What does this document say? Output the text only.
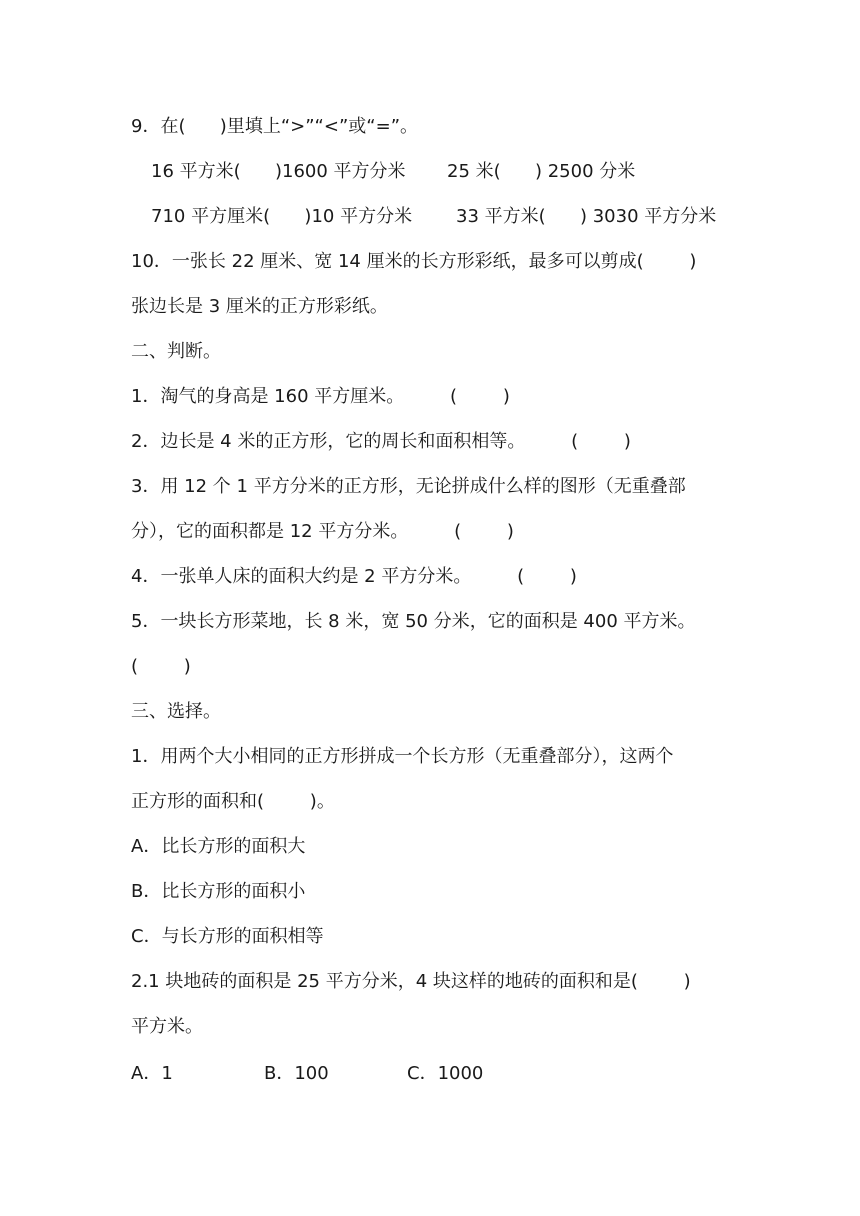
9．在(      )里填上“>”“<”或“=”。
16 平方米(      )1600 平方分米 25 米(      ) 2500 分米
710 平方厘米(      )10 平方分米 33 平方米(      ) 3030 平方分米
10．一张长 22 厘米、宽 14 厘米的长方形彩纸，最多可以剪成(        )
张边长是 3 厘米的正方形彩纸。
二、判断。
1．淘气的身高是 160 平方厘米。        (        )
2．边长是 4 米的正方形，它的周长和面积相等。        (        )
3．用 12 个 1 平方分米的正方形，无论拼成什么样的图形（无重叠部
分），它的面积都是 12 平方分米。        (        )
4．一张单人床的面积大约是 2 平方分米。        (        )
5．一块长方形菜地，长 8 米，宽 50 分米，它的面积是 400 平方米。
(        )
三、选择。
1．用两个大小相同的正方形拼成一个长方形（无重叠部分），这两个
正方形的面积和(        )。
A．比长方形的面积大
B．比长方形的面积小
C．与长方形的面积相等
2.1 块地砖的面积是 25 平方分米，4 块这样的地砖的面积和是(        )
平方米。
A．1	B．100	C．1000
